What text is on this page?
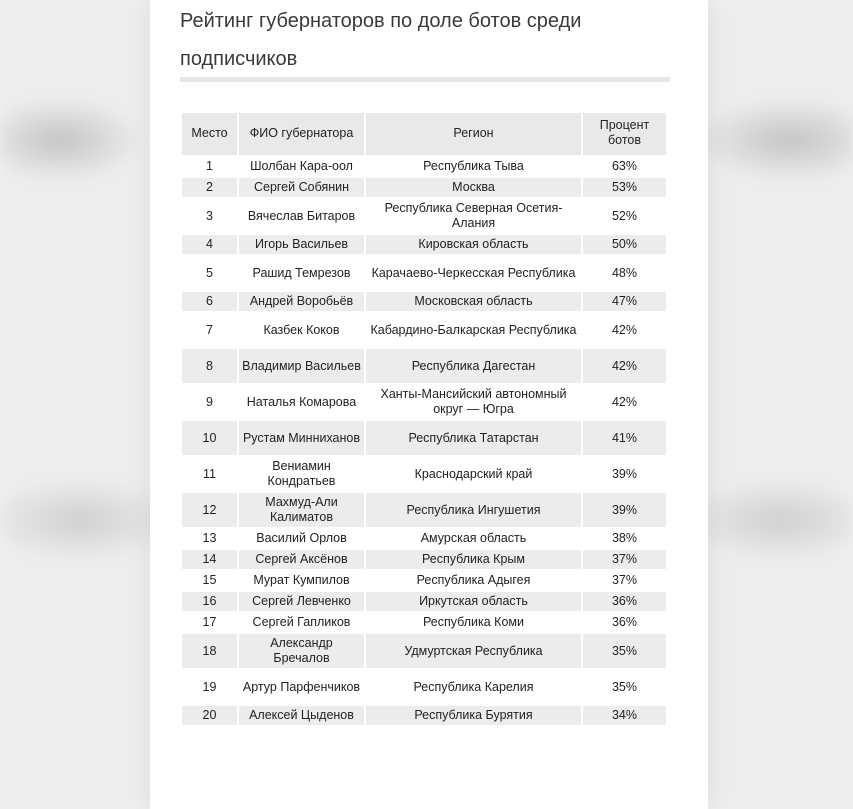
Рейтинг губернаторов по доле ботов среди подписчиков
Место	ФИО губернатора	Регион	Процент ботов
1	Шолбан Кара-оол	Республика Тыва	63%
2	Сергей Собянин	Москва	53%
3	Вячеслав Битаров	Республика Северная Осетия-Алания	52%
4	Игорь Васильев	Кировская область	50%
5	Рашид Темрезов	Карачаево-Черкесская Республика	48%
6	Андрей Воробьёв	Московская область	47%
7	Казбек Коков	Кабардино-Балкарская Республика	42%
8	Владимир Васильев	Республика Дагестан	42%
9	Наталья Комарова	Ханты-Мансийский автономный округ — Югра	42%
10	Рустам Минниханов	Республика Татарстан	41%
11	Вениамин Кондратьев	Краснодарский край	39%
12	Махмуд-Али Калиматов	Республика Ингушетия	39%
13	Василий Орлов	Амурская область	38%
14	Сергей Аксёнов	Республика Крым	37%
15	Мурат Кумпилов	Республика Адыгея	37%
16	Сергей Левченко	Иркутская область	36%
17	Сергей Гапликов	Республика Коми	36%
18	Александр Бречалов	Удмуртская Республика	35%
19	Артур Парфенчиков	Республика Карелия	35%
20	Алексей Цыденов	Республика Бурятия	34%
